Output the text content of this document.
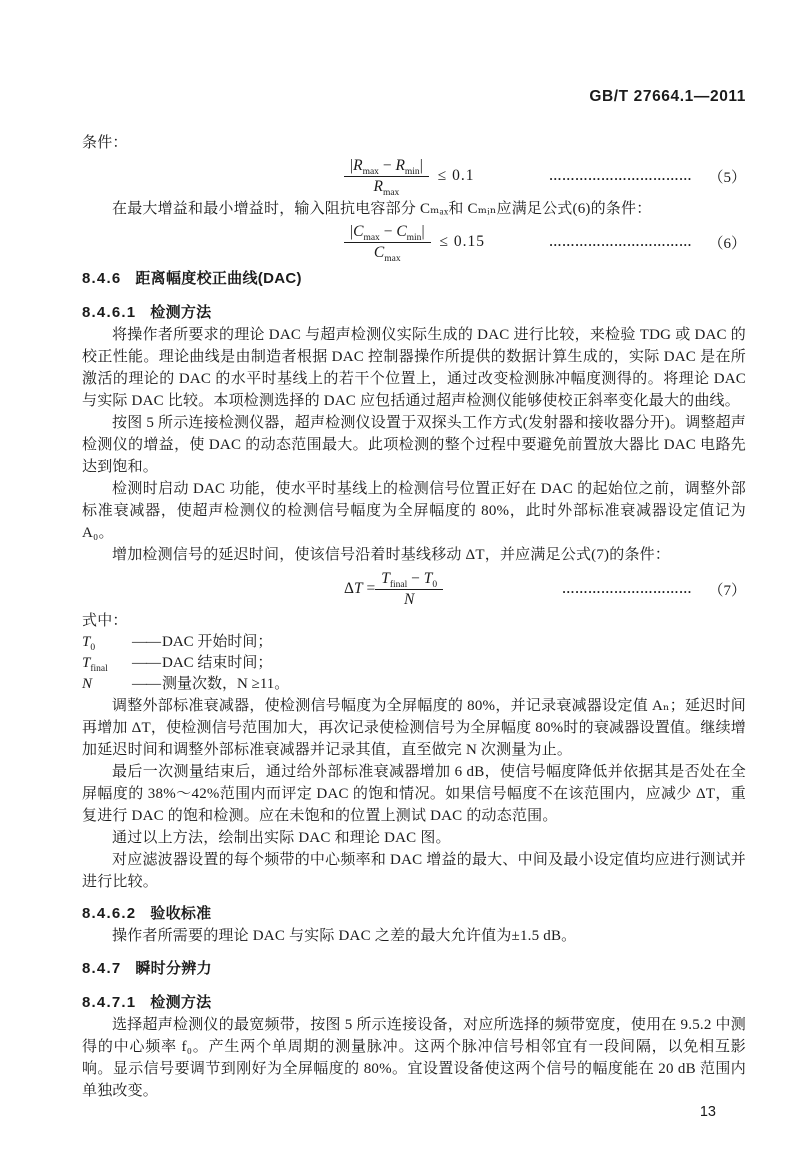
GB/T 27664.1—2011
条件：
$\frac{|R_{max} - R_{min}|}{R_{max}} \le 0.1$	……………………………	（5）
在最大增益和最小增益时，输入阻抗电容部分 Cₘₐₓ和 Cₘᵢₙ应满足公式(6)的条件：
$\frac{|C_{max} - C_{min}|}{C_{max}} \le 0.15$	……………………………	（6）
8.4.6 距离幅度校正曲线(DAC)
8.4.6.1 检测方法

将操作者所要求的理论 DAC 与超声检测仪实际生成的 DAC 进行比较，来检验 TDG 或 DAC 的校正性能。理论曲线是由制造者根据 DAC 控制器操作所提供的数据计算生成的，实际 DAC 是在所激活的理论的 DAC 的水平时基线上的若干个位置上，通过改变检测脉冲幅度测得的。将理论 DAC 与实际 DAC 比较。本项检测选择的 DAC 应包括通过超声检测仪能够使校正斜率变化最大的曲线。

按图 5 所示连接检测仪器，超声检测仪设置于双探头工作方式(发射器和接收器分开)。调整超声检测仪的增益，使 DAC 的动态范围最大。此项检测的整个过程中要避免前置放大器比 DAC 电路先达到饱和。

检测时启动 DAC 功能，使水平时基线上的检测信号位置正好在 DAC 的起始位之前，调整外部标准衰减器，使超声检测仪的检测信号幅度为全屏幅度的 80%，此时外部标准衰减器设定值记为 A₀。

增加检测信号的延迟时间，使该信号沿着时基线移动 ΔT，并应满足公式(7)的条件：

$\Delta T = \frac{T_{final} - T_0}{N}$	…………………………	（7）
式中：
$T_0$	—— DAC 开始时间；
$T_{final}$	—— DAC 结束时间；
N	—— 测量次数，N ≥11。

调整外部标准衰减器，使检测信号幅度为全屏幅度的 80%，并记录衰减器设定值 Aₙ；延迟时间再增加 ΔT，使检测信号范围加大，再次记录使检测信号为全屏幅度 80%时的衰减器设置值。继续增加延迟时间和调整外部标准衰减器并记录其值，直至做完 N 次测量为止。

最后一次测量结束后，通过给外部标准衰减器增加 6 dB，使信号幅度降低并依据其是否处在全屏幅度的 38%～42%范围内而评定 DAC 的饱和情况。如果信号幅度不在该范围内，应减少 ΔT，重复进行 DAC 的饱和检测。应在未饱和的位置上测试 DAC 的动态范围。

通过以上方法，绘制出实际 DAC 和理论 DAC 图。

对应滤波器设置的每个频带的中心频率和 DAC 增益的最大、中间及最小设定值均应进行测试并进行比较。

8.4.6.2 验收标准

操作者所需要的理论 DAC 与实际 DAC 之差的最大允许值为±1.5 dB。

8.4.7 瞬时分辨力
8.4.7.1 检测方法

选择超声检测仪的最宽频带，按图 5 所示连接设备，对应所选择的频带宽度，使用在 9.5.2 中测得的中心频率 f₀。产生两个单周期的测量脉冲。这两个脉冲信号相邻宜有一段间隔，以免相互影响。显示信号要调节到刚好为全屏幅度的 80%。宜设置设备使这两个信号的幅度能在 20 dB 范围内单独改变。

13
